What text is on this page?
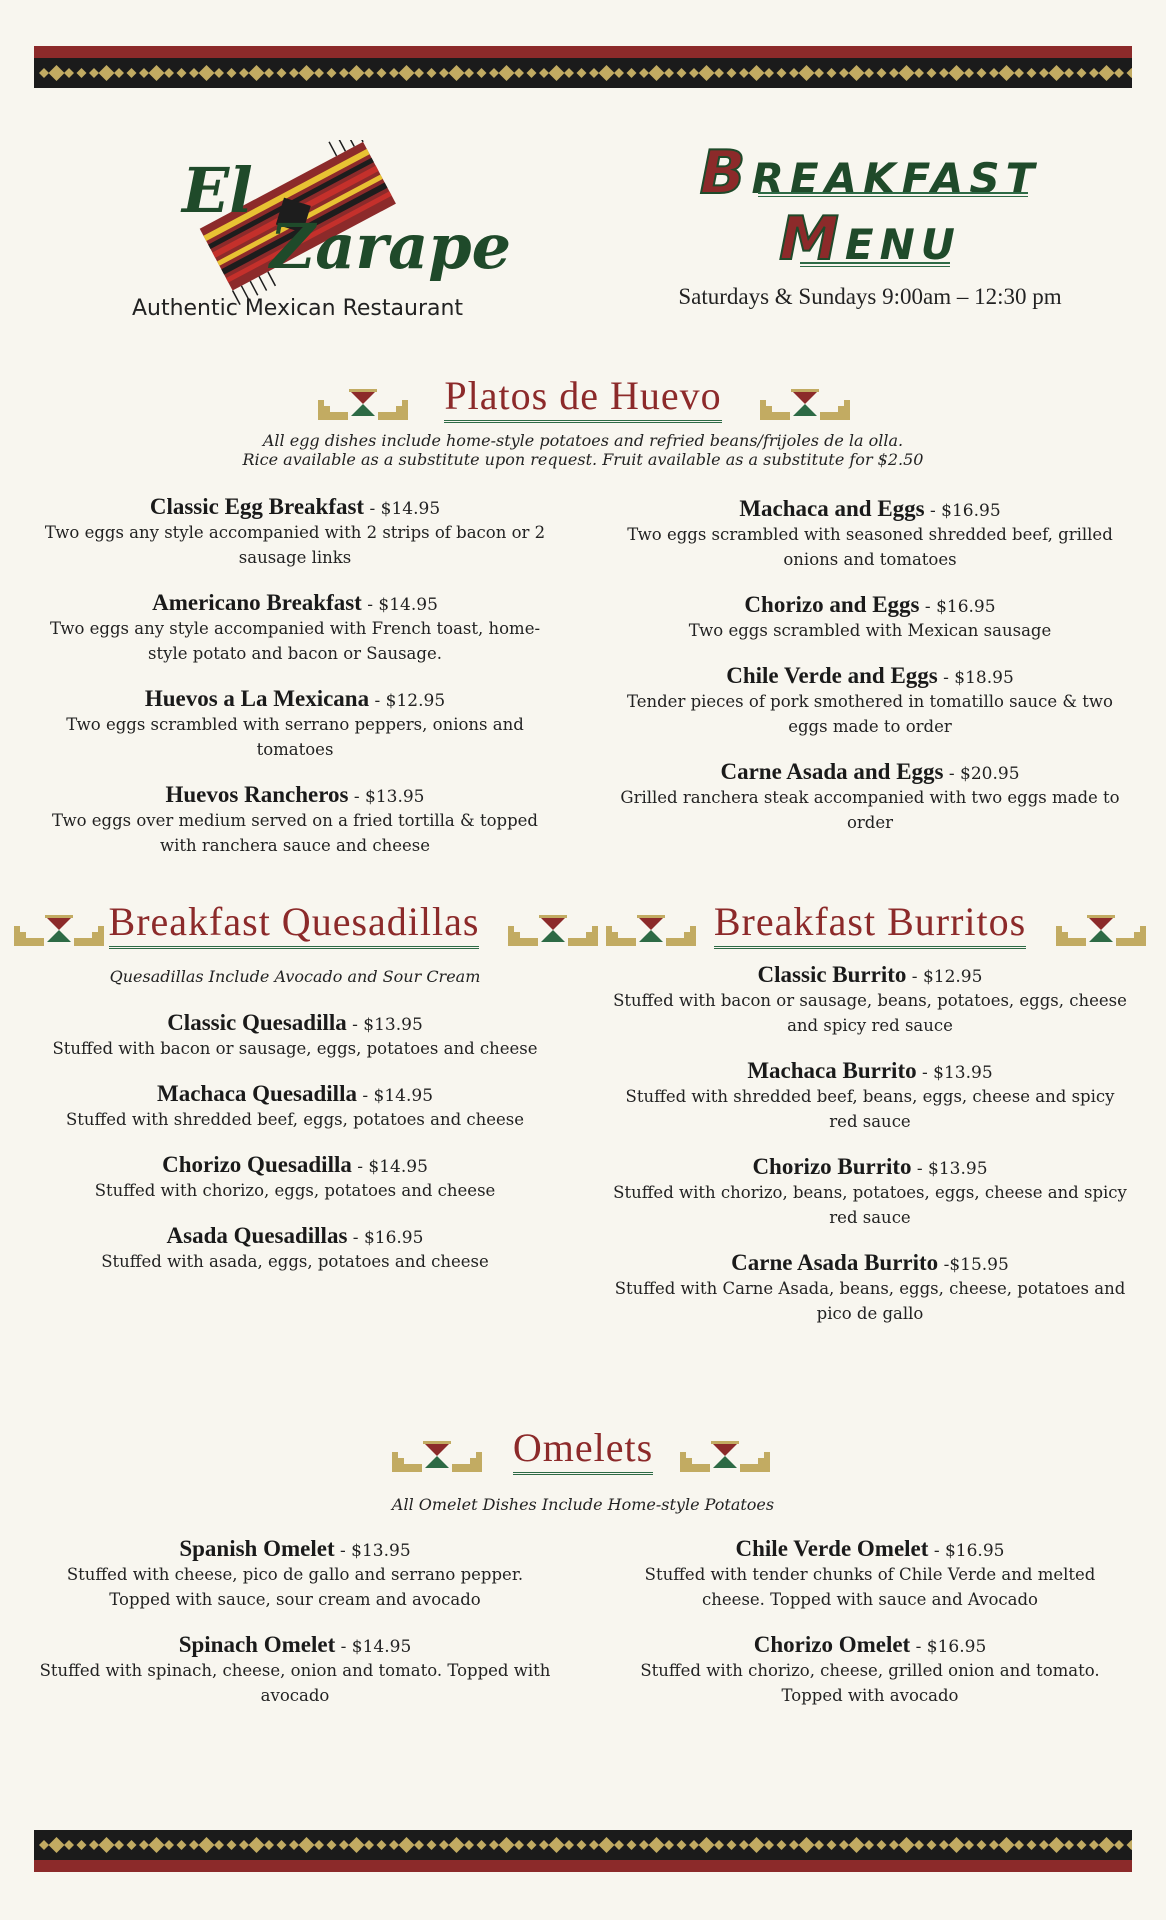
El
Zarape
Authentic Mexican Restaurant
BREAKFAST
MENU
Saturdays & Sundays 9:00am – 12:30 pm
Platos de Huevo
All egg dishes include home-style potatoes and refried beans/frijoles de la olla.
Rice available as a substitute upon request. Fruit available as a substitute for $2.50
Classic Egg Breakfast - $14.95
Two eggs any style accompanied with 2 strips of bacon or 2 sausage links
Americano Breakfast - $14.95
Two eggs any style accompanied with French toast, home-style potato and bacon or Sausage.
Huevos a La Mexicana - $12.95
Two eggs scrambled with serrano peppers, onions and tomatoes
Huevos Rancheros - $13.95
Two eggs over medium served on a fried tortilla & topped with ranchera sauce and cheese
Machaca and Eggs - $16.95
Two eggs scrambled with seasoned shredded beef, grilled onions and tomatoes
Chorizo and Eggs - $16.95
Two eggs scrambled with Mexican sausage
Chile Verde and Eggs - $18.95
Tender pieces of pork smothered in tomatillo sauce & two eggs made to order
Carne Asada and Eggs - $20.95
Grilled ranchera steak accompanied with two eggs made to order
Breakfast Quesadillas
Quesadillas Include Avocado and Sour Cream
Classic Quesadilla - $13.95
Stuffed with bacon or sausage, eggs, potatoes and cheese
Machaca Quesadilla - $14.95
Stuffed with shredded beef, eggs, potatoes and cheese
Chorizo Quesadilla - $14.95
Stuffed with chorizo, eggs, potatoes and cheese
Asada Quesadillas - $16.95
Stuffed with asada, eggs, potatoes and cheese
Breakfast Burritos
Classic Burrito - $12.95
Stuffed with bacon or sausage, beans, potatoes, eggs, cheese and spicy red sauce
Machaca Burrito - $13.95
Stuffed with shredded beef, beans, eggs, cheese and spicy red sauce
Chorizo Burrito - $13.95
Stuffed with chorizo, beans, potatoes, eggs, cheese and spicy red sauce
Carne Asada Burrito -$15.95
Stuffed with Carne Asada, beans, eggs, cheese, potatoes and pico de gallo
Omelets
All Omelet Dishes Include Home-style Potatoes
Spanish Omelet - $13.95
Stuffed with cheese, pico de gallo and serrano pepper. Topped with sauce, sour cream and avocado
Spinach Omelet - $14.95
Stuffed with spinach, cheese, onion and tomato. Topped with avocado
Chile Verde Omelet - $16.95
Stuffed with tender chunks of Chile Verde and melted cheese. Topped with sauce and Avocado
Chorizo Omelet - $16.95
Stuffed with chorizo, cheese, grilled onion and tomato. Topped with avocado
